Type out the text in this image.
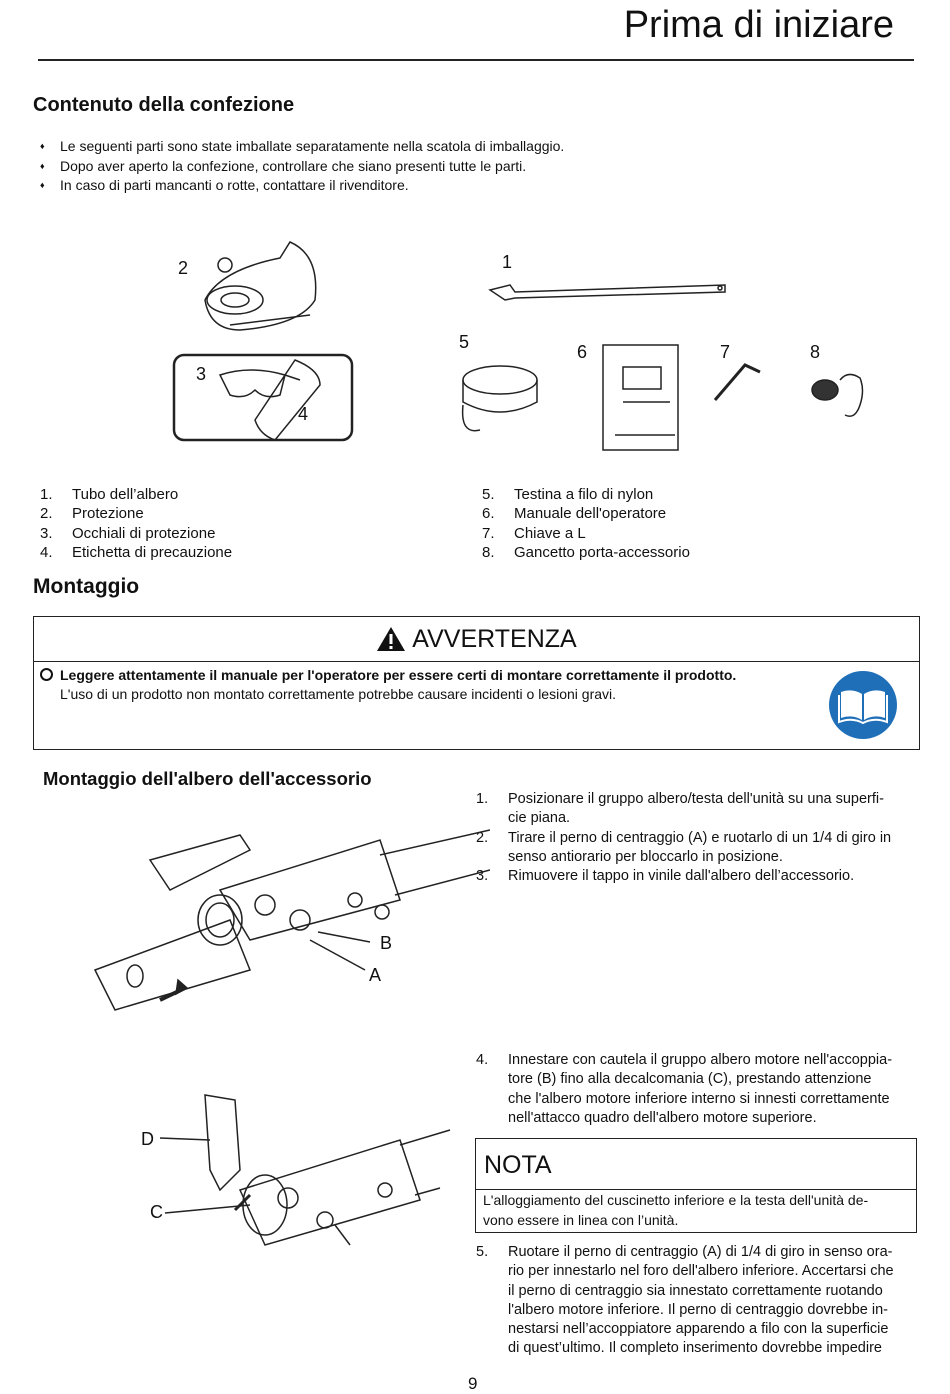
Prima di iniziare
Contenuto della confezione
♦ Le seguenti parti sono state imballate separatamente nella scatola di imballaggio.
♦ Dopo aver aperto la confezione, controllare che siano presenti tutte le parti.
♦ In caso di parti mancanti o rotte, contattare il rivenditore.
2	1
3
4
5	6	7	8
1.	Tubo dell’albero
2.	Protezione
3.	Occhiali di protezione
4.	Etichetta di precauzione
5.	Testina a filo di nylon
6.	Manuale dell'operatore
7.	Chiave a L
8.	Gancetto porta-accessorio
Montaggio
AVVERTENZA
Leggere attentamente il manuale per l'operatore per essere certi di montare correttamente il prodotto.
L'uso di un prodotto non montato correttamente potrebbe causare incidenti o lesioni gravi.
Montaggio dell'albero dell'accessorio
1.	Posizionare il gruppo albero/testa dell'unità su una superfi-
cie piana.
2.	Tirare il perno di centraggio (A) e ruotarlo di un 1/4 di giro in
senso antiorario per bloccarlo in posizione.
3.	Rimuovere il tappo in vinile dall'albero dell’accessorio.
B
A
4.	Innestare con cautela il gruppo albero motore nell'accoppia-
tore (B) fino alla decalcomania (C), prestando attenzione
che l'albero motore inferiore interno si innesti correttamente
nell'attacco quadro dell'albero motore superiore.
D
C
NOTA
L'alloggiamento del cuscinetto inferiore e la testa dell'unità de-
vono essere in linea con l’unità.
5.	Ruotare il perno di centraggio (A) di 1/4 di giro in senso ora-
rio per innestarlo nel foro dell'albero inferiore. Accertarsi che
il perno di centraggio sia innestato correttamente ruotando
l'albero motore inferiore. Il perno di centraggio dovrebbe in-
nestarsi nell’accoppiatore apparendo a filo con la superficie
di quest’ultimo. Il completo inserimento dovrebbe impedire
9
